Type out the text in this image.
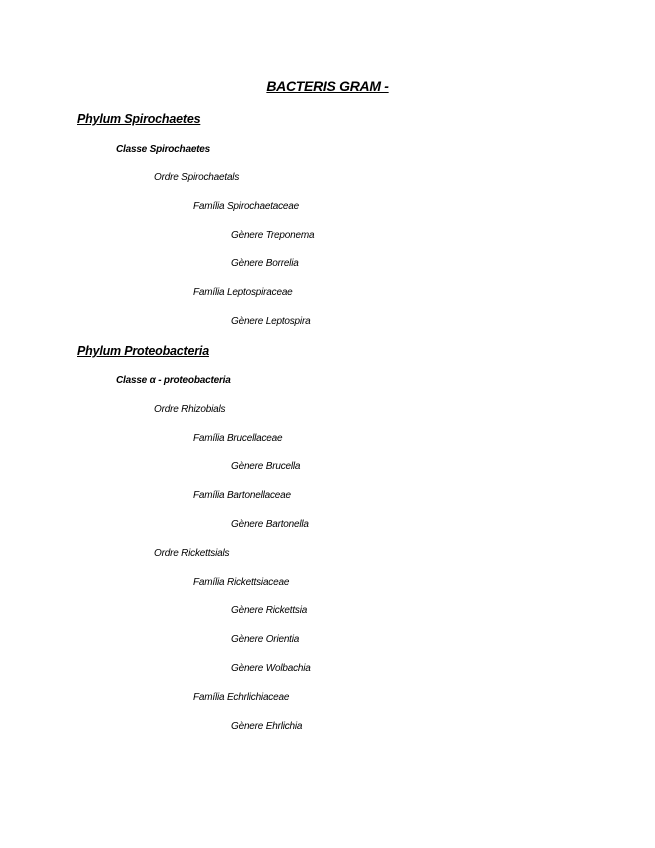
BACTERIS GRAM -
Phylum Spirochaetes
Classe Spirochaetes
Ordre Spirochaetals
Família Spirochaetaceae
Gènere Treponema
Gènere Borrelia
Família Leptospiraceae
Gènere Leptospira
Phylum Proteobacteria
Classe α - proteobacteria
Ordre Rhizobials
Família Brucellaceae
Gènere Brucella
Família Bartonellaceae
Gènere Bartonella
Ordre Rickettsials
Família Rickettsiaceae
Gènere Rickettsia
Gènere Orientia
Gènere Wolbachia
Família Echrlichiaceae
Gènere Ehrlichia
